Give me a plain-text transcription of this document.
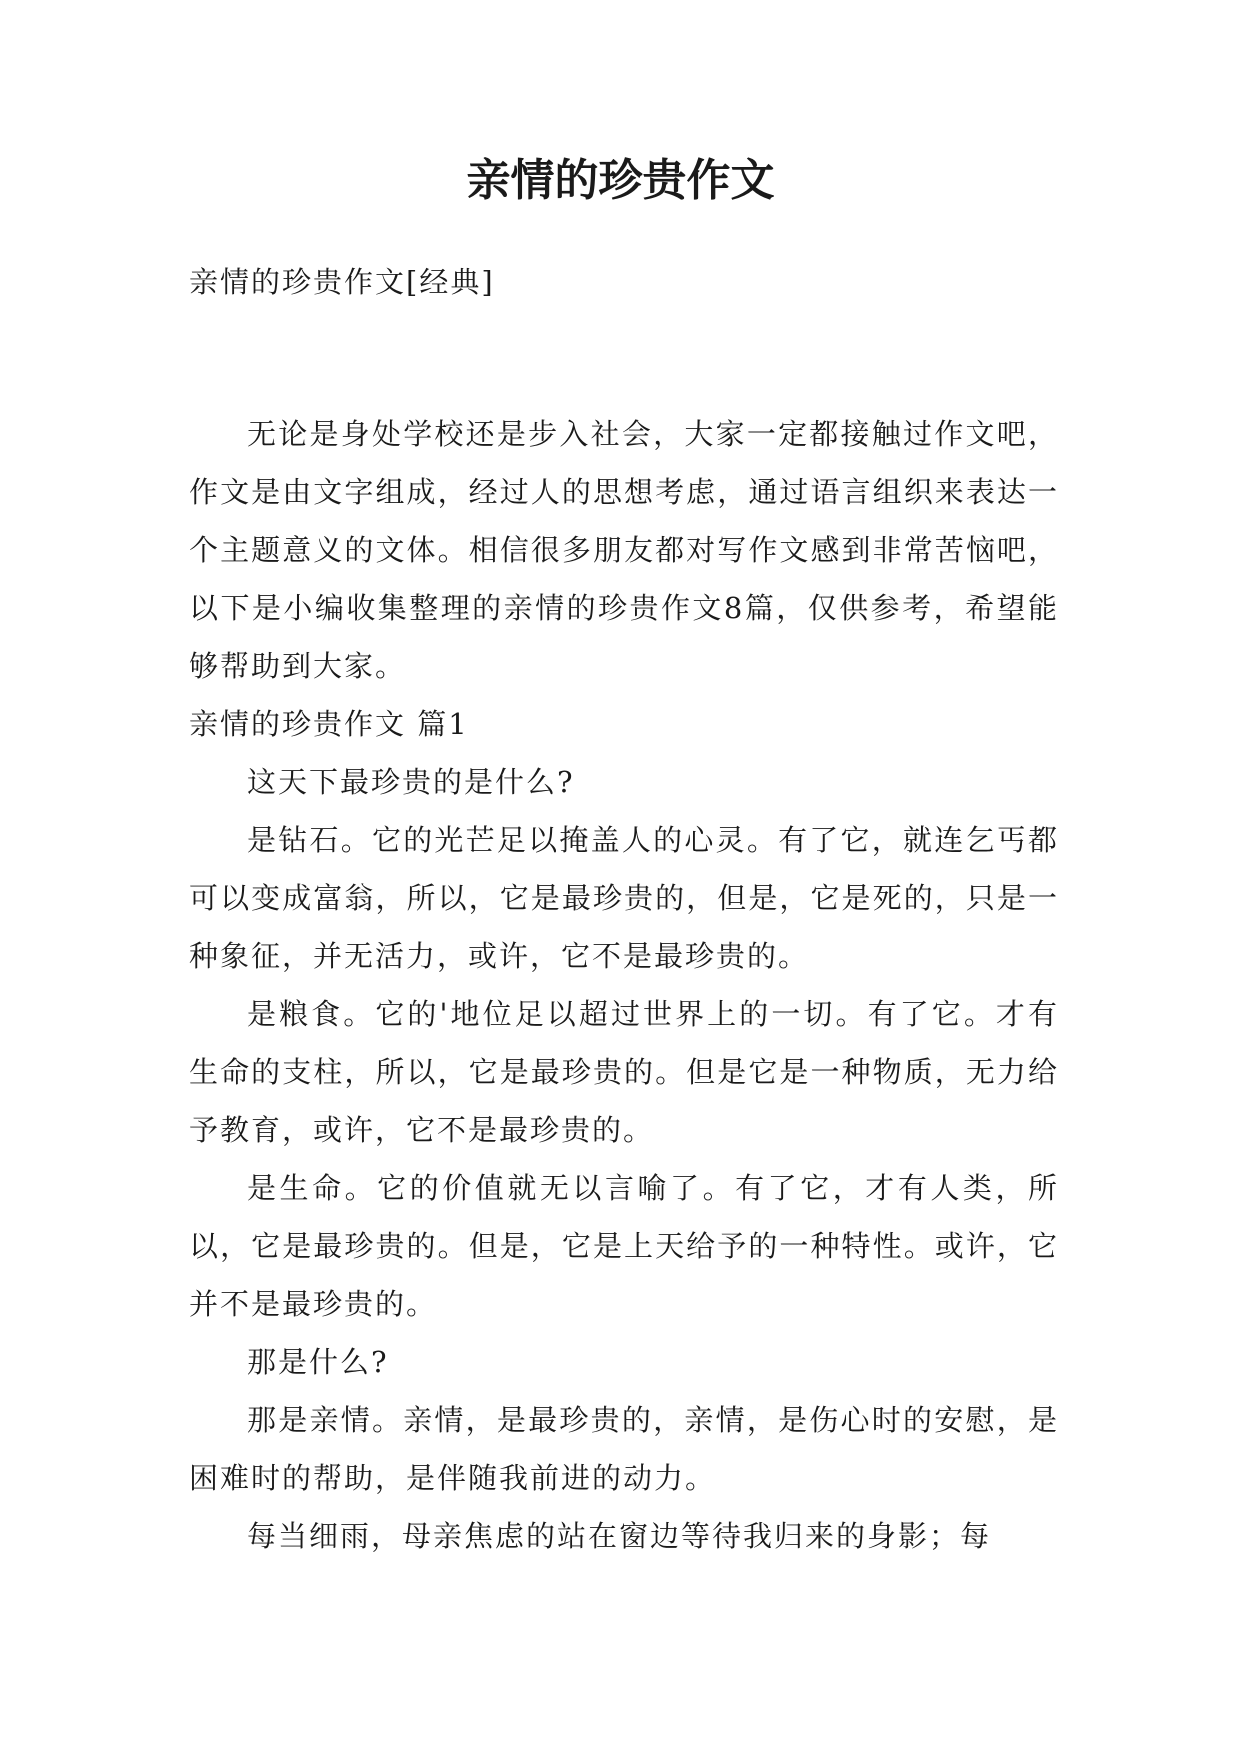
亲情的珍贵作文

亲情的珍贵作文[经典]

无论是身处学校还是步入社会，大家一定都接触过作文吧，作文是由文字组成，经过人的思想考虑，通过语言组织来表达一个主题意义的文体。相信很多朋友都对写作文感到非常苦恼吧，以下是小编收集整理的亲情的珍贵作文8篇，仅供参考，希望能够帮助到大家。

亲情的珍贵作文 篇1

这天下最珍贵的是什么?

是钻石。它的光芒足以掩盖人的心灵。有了它，就连乞丐都可以变成富翁，所以，它是最珍贵的，但是，它是死的，只是一种象征，并无活力，或许，它不是最珍贵的。

是粮食。它的'地位足以超过世界上的一切。有了它。才有生命的支柱，所以，它是最珍贵的。但是它是一种物质，无力给予教育，或许，它不是最珍贵的。

是生命。它的价值就无以言喻了。有了它，才有人类，所以，它是最珍贵的。但是，它是上天给予的一种特性。或许，它并不是最珍贵的。

那是什么?

那是亲情。亲情，是最珍贵的，亲情，是伤心时的安慰，是困难时的帮助，是伴随我前进的动力。

每当细雨，母亲焦虑的站在窗边等待我归来的身影；每
